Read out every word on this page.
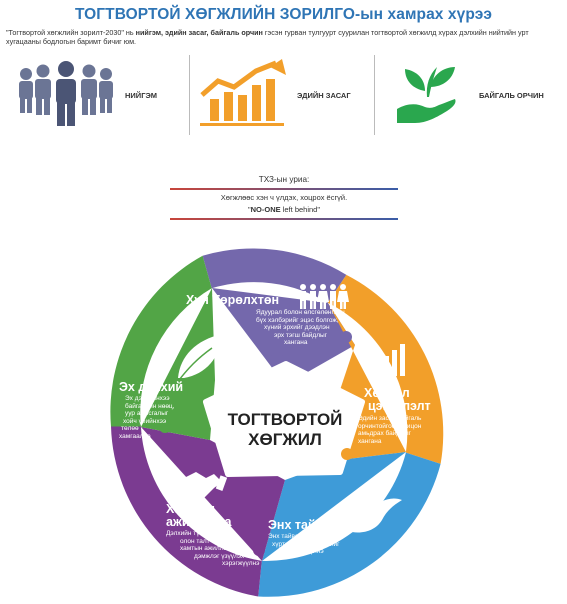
ТОГТВОРТОЙ ХӨГЖЛИЙН ЗОРИЛГО-ын хамрах хүрээ
"Тогтвортой хөгжлийн зорилт-2030" нь нийгэм, эдийн засаг, байгаль орчин гэсэн гурван тулгуурт суурилан тогтвортой хөгжилд хүрах дэлхийн нийтийн урт хугацааны бодлогын баримт бичиг юм.
НИЙГЭМ	ЭДИЙН ЗАСАГ	БАЙГАЛЬ ОРЧИН
ТХЗ-ын уриа:
Хөгжлөөс хэн ч үлдэх, хоцрох ёсгүй.
"NO-ONE left behind"
Хүн Төрөлхтөн
Ядуурал болон өлсгөлөнгийн
бүх хэлбэрийг эцэс болгож,
хүний эрхийг дээдлэн
эрх тэгш байдлыг
хангана
Хөгжил
цэцэглэлт
Эдийн засаг, байгаль
орчинтойгоо зохицон
амьдрах байдлыг
хангана
Энх тайван
Энх тайван, шударга,
хүртээмжтэй нийгмийг
бэхжүүлнэ
Хамтын
ажиллагаа
Дэлхийн түвшний,
олон талт
хамтын ажиллагаагаар
дэмжлэг үзүүлэх
хэрэгжүүлнэ
Эх дэлхий
Эх дэлхийнхээ
байгалийн нөөц,
уур амьсгалыг
хойч үеийнхээ
төлөө
хамгаална
ТОГТВОРТОЙ
ХӨГЖИЛ
